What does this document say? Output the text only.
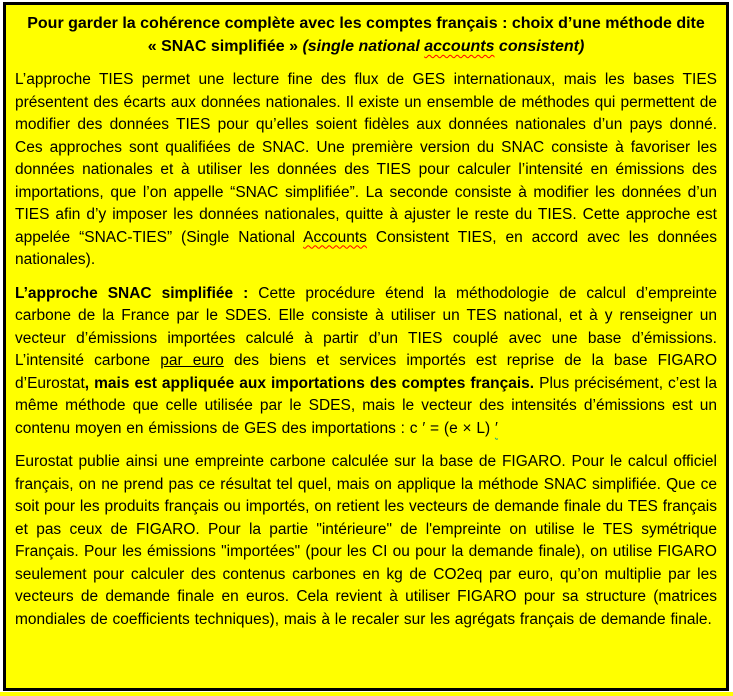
Pour garder la cohérence complète avec les comptes français : choix d’une méthode dite « SNAC simplifiée » (single national accounts consistent)

L’approche TIES permet une lecture fine des flux de GES internationaux, mais les bases TIES présentent des écarts aux données nationales. Il existe un ensemble de méthodes qui permettent de modifier des données TIES pour qu’elles soient fidèles aux données nationales d’un pays donné. Ces approches sont qualifiées de SNAC. Une première version du SNAC consiste à favoriser les données nationales et à utiliser les données des TIES pour calculer l’intensité en émissions des importations, que l’on appelle “SNAC simplifiée”. La seconde consiste à modifier les données d’un TIES afin d’y imposer les données nationales, quitte à ajuster le reste du TIES. Cette approche est appelée “SNAC-TIES” (Single National Accounts Consistent TIES, en accord avec les données nationales).

L’approche SNAC simplifiée : Cette procédure étend la méthodologie de calcul d’empreinte carbone de la France par le SDES. Elle consiste à utiliser un TES national, et à y renseigner un vecteur d’émissions importées calculé à partir d’un TIES couplé avec une base d’émissions. L’intensité carbone par euro des biens et services importés est reprise de la base FIGARO d’Eurostat, mais est appliquée aux importations des comptes français. Plus précisément, c’est la même méthode que celle utilisée par le SDES, mais le vecteur des intensités d’émissions est un contenu moyen en émissions de GES des importations : c ′ = (e × L) ′

Eurostat publie ainsi une empreinte carbone calculée sur la base de FIGARO. Pour le calcul officiel français, on ne prend pas ce résultat tel quel, mais on applique la méthode SNAC simplifiée. Que ce soit pour les produits français ou importés, on retient les vecteurs de demande finale du TES français et pas ceux de FIGARO. Pour la partie "intérieure" de l'empreinte on utilise le TES symétrique Français. Pour les émissions "importées" (pour les CI ou pour la demande finale), on utilise FIGARO seulement pour calculer des contenus carbones en kg de CO2eq par euro, qu’on multiplie par les vecteurs de demande finale en euros. Cela revient à utiliser FIGARO pour sa structure (matrices mondiales de coefficients techniques), mais à le recaler sur les agrégats français de demande finale.
